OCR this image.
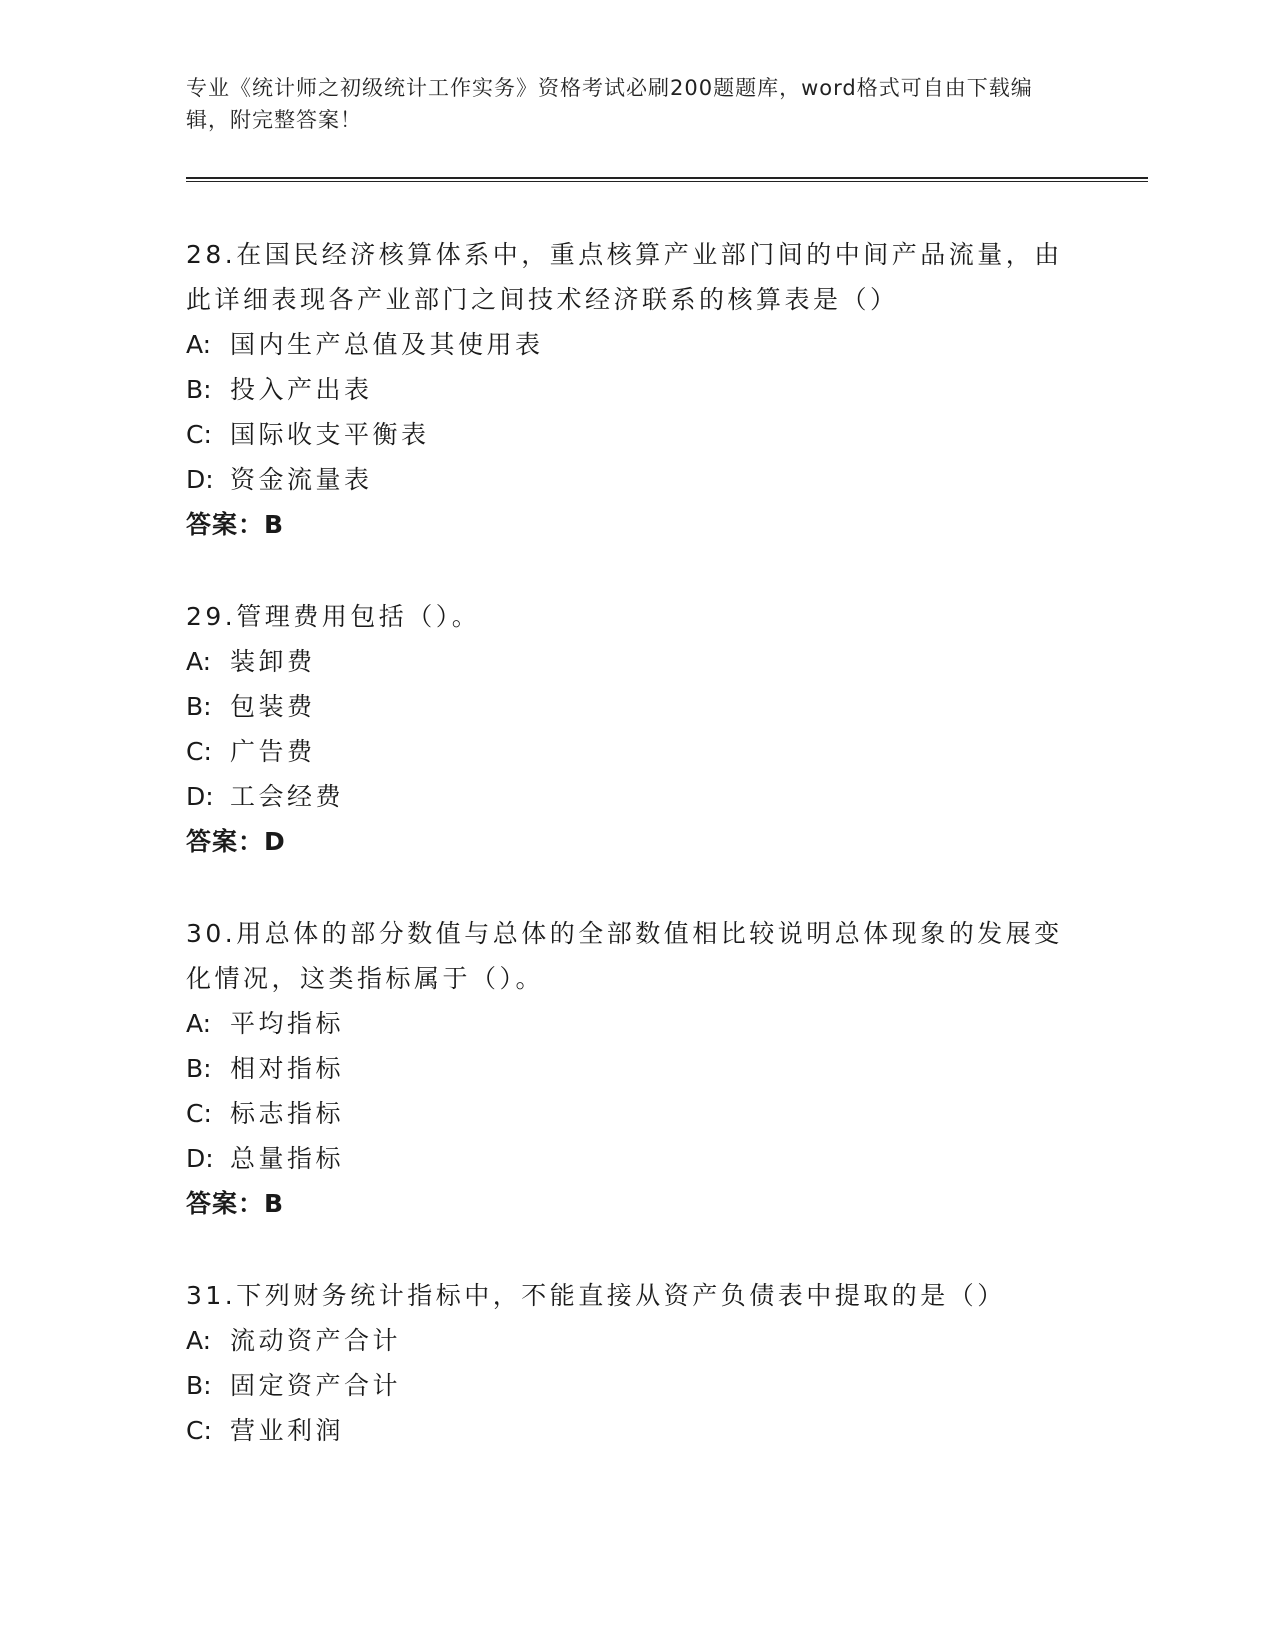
专业《统计师之初级统计工作实务》资格考试必刷200题题库，word格式可自由下载编辑，附完整答案！

28.在国民经济核算体系中，重点核算产业部门间的中间产品流量，由此详细表现各产业部门之间技术经济联系的核算表是（）

A: 国内生产总值及其使用表
B: 投入产出表
C: 国际收支平衡表
D: 资金流量表
答案：B

29.管理费用包括（）。

A: 装卸费
B: 包装费
C: 广告费
D: 工会经费
答案：D

30.用总体的部分数值与总体的全部数值相比较说明总体现象的发展变化情况，这类指标属于（）。

A: 平均指标
B: 相对指标
C: 标志指标
D: 总量指标
答案：B

31.下列财务统计指标中，不能直接从资产负债表中提取的是（）

A: 流动资产合计
B: 固定资产合计
C: 营业利润
